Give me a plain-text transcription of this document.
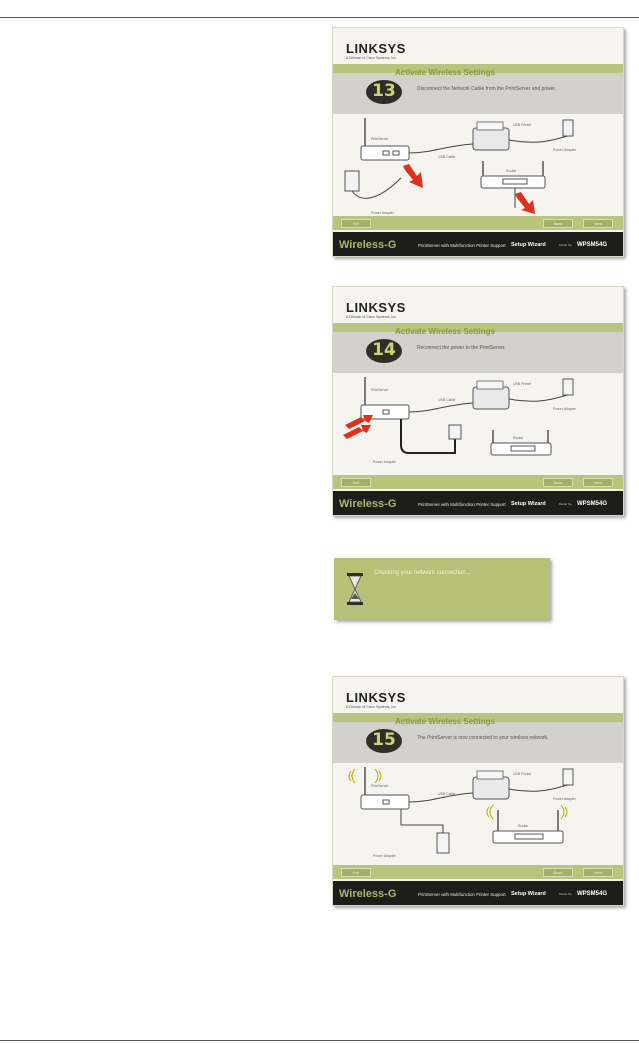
LINKSYS
A Division of Cisco Systems, Inc.
Activate Wireless Settings
13	Disconnect the Network Cable from the PrintServer and power.
PrintServer
USB Cable
USB Printer
Power Adapter
Router
Power Adapter
Exit	Back	Next
Wireless-G	PrintServer with Multifunction Printer Support Setup Wizard	Model No. WPSM54G
LINKSYS
A Division of Cisco Systems, Inc.
Activate Wireless Settings
14	Reconnect the power to the PrintServer.
PrintServer
USB Cable
USB Printer
Power Adapter
Router
Power Adapter
Exit	Back	Next
Wireless-G	PrintServer with Multifunction Printer Support Setup Wizard	Model No. WPSM54G
Checking your network connection...
LINKSYS
A Division of Cisco Systems, Inc.
Activate Wireless Settings
15	The PrintServer is now connected to your wireless network.
PrintServer
USB Cable
USB Printer
Power Adapter
Router
Power Adapter
Exit	Back	Next
Wireless-G	PrintServer with Multifunction Printer Support Setup Wizard	Model No. WPSM54G
